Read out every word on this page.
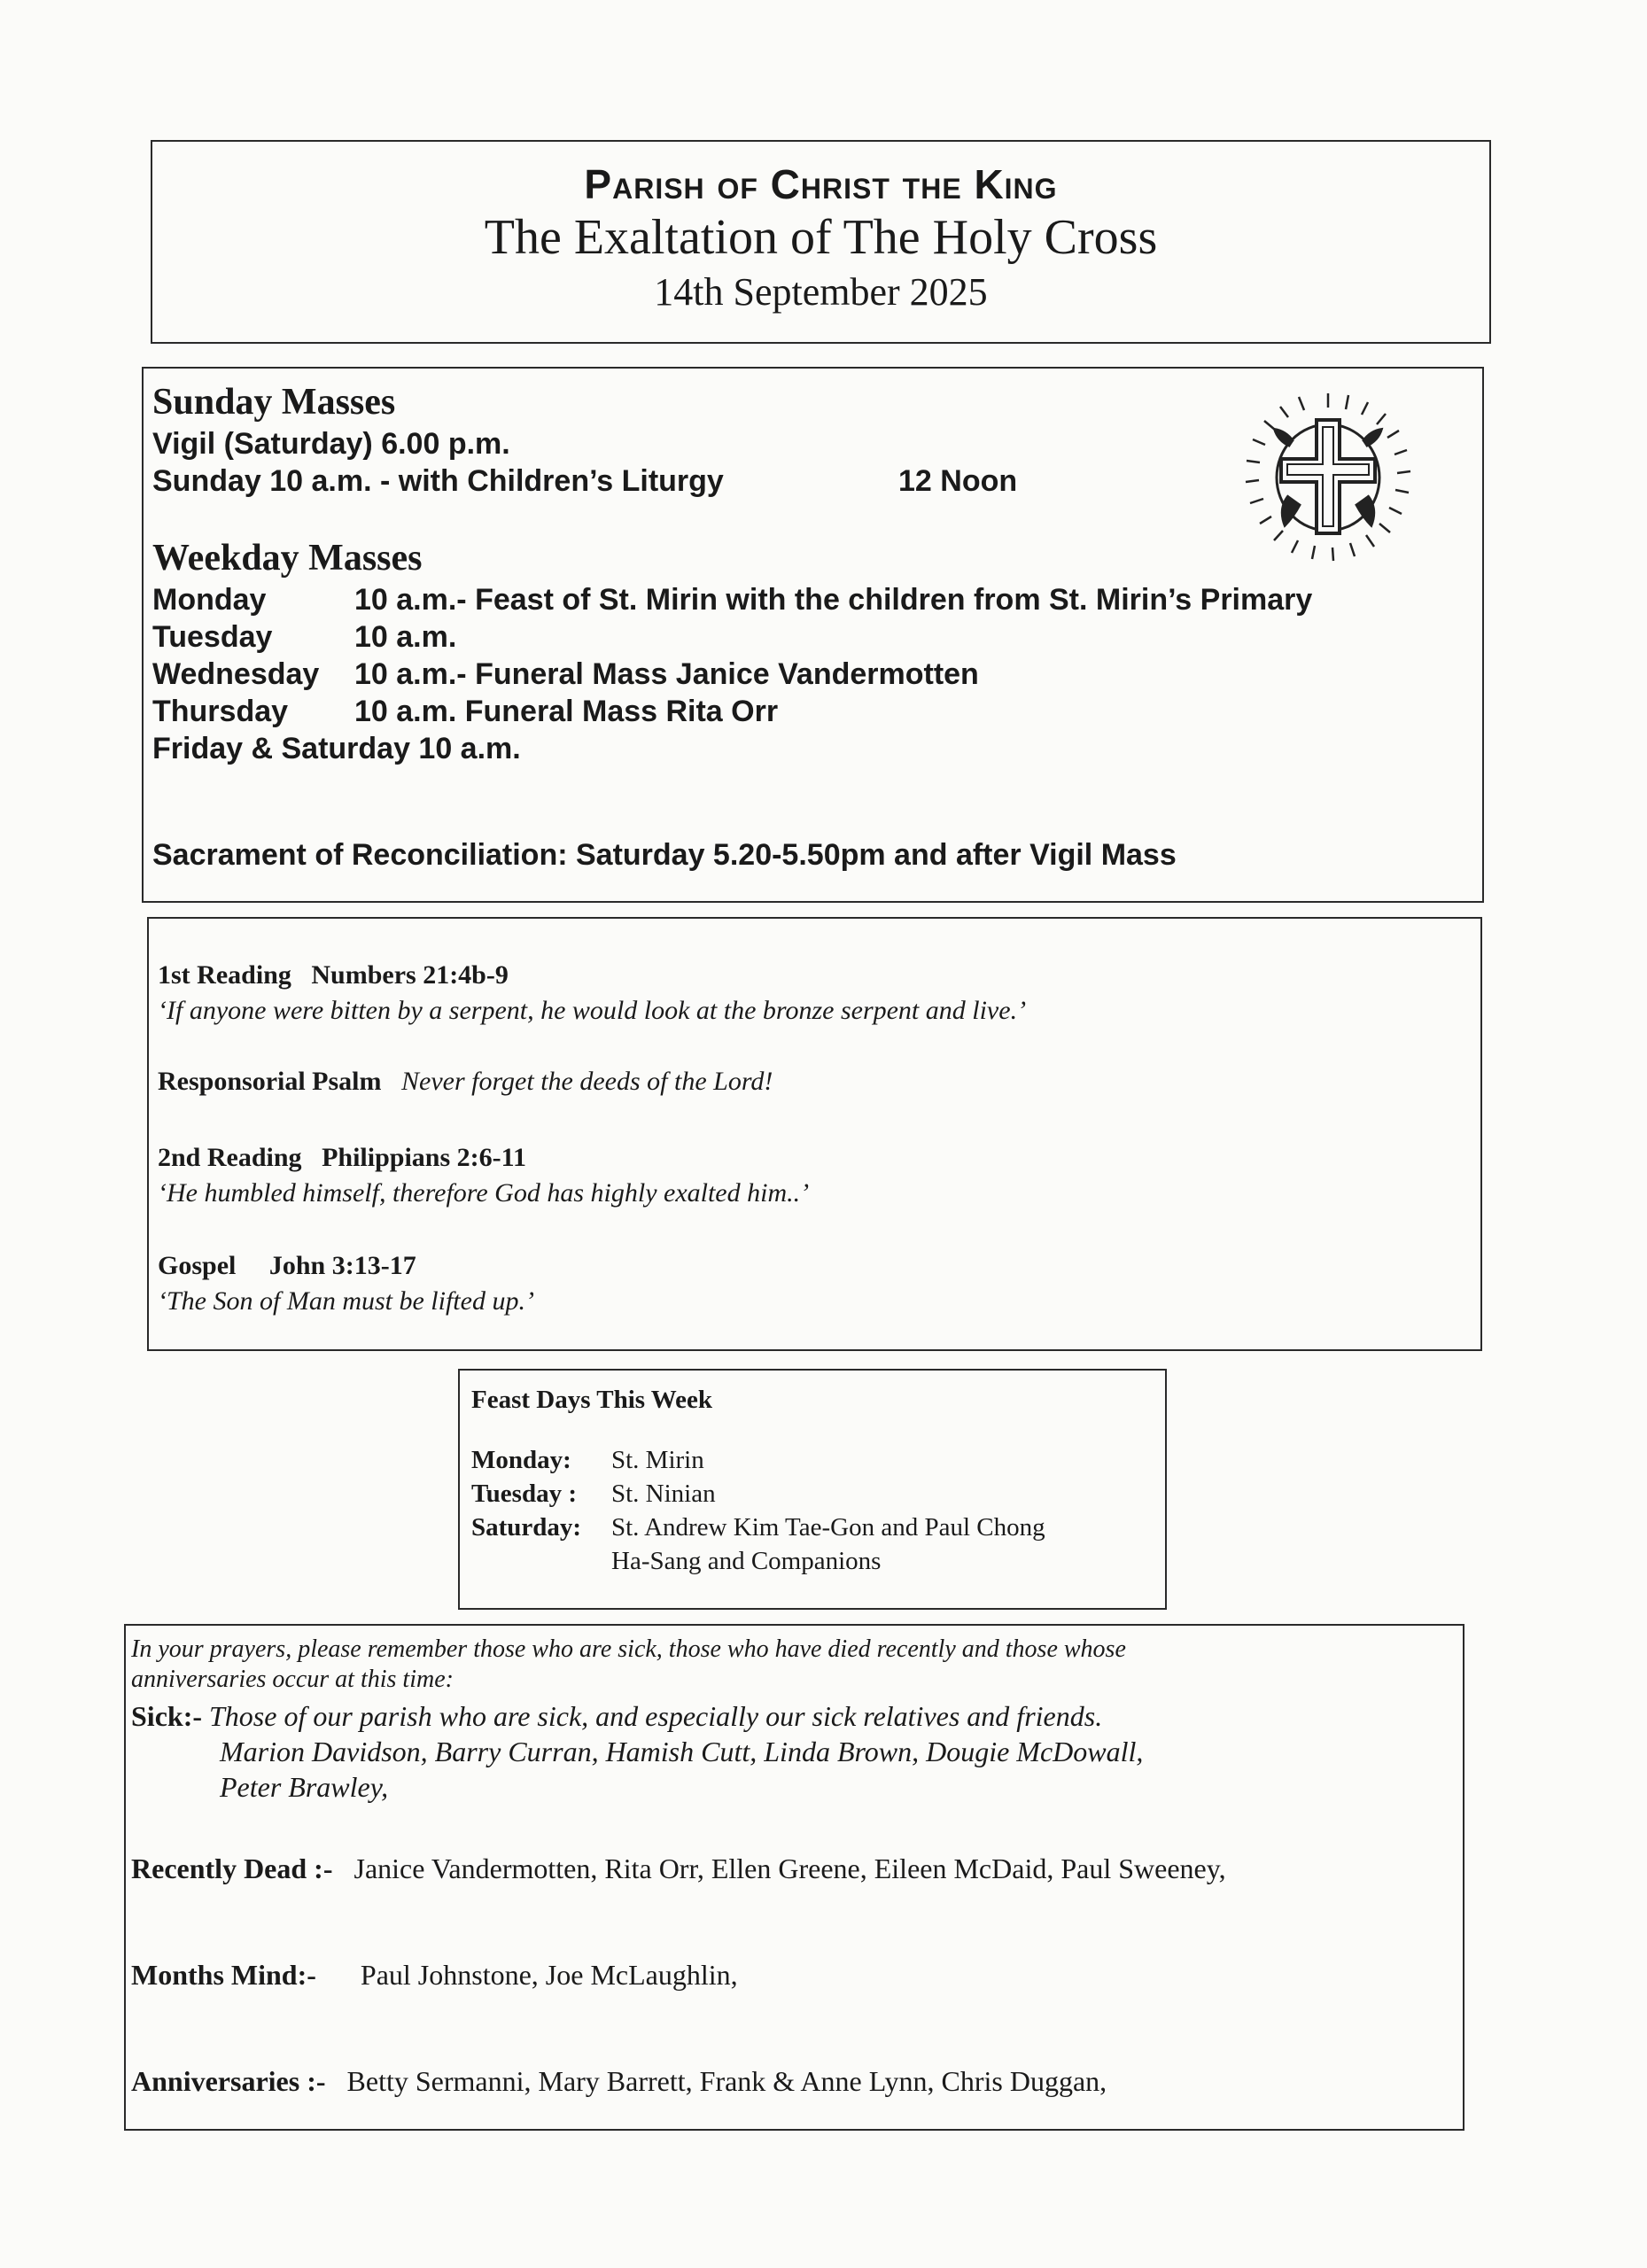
Parish of Christ the King
The Exaltation of The Holy Cross
14th September 2025
Sunday Masses
Vigil (Saturday) 6.00 p.m.
Sunday 10 a.m. - with Children’s Liturgy	12 Noon
Weekday Masses
Monday	10 a.m.- Feast of St. Mirin with the children from St. Mirin’s Primary
Tuesday	10 a.m.
Wednesday 10 a.m.- Funeral Mass Janice Vandermotten
Thursday 10 a.m. Funeral Mass Rita Orr
Friday & Saturday 10 a.m.
Sacrament of Reconciliation: Saturday 5.20-5.50pm and after Vigil Mass
1st Reading Numbers 21:4b-9
‘If anyone were bitten by a serpent, he would look at the bronze serpent and live.’
Responsorial Psalm Never forget the deeds of the Lord!
2nd Reading Philippians 2:6-11
‘He humbled himself, therefore God has highly exalted him..’
Gospel John 3:13-17
‘The Son of Man must be lifted up.’
Feast Days This Week
Monday: St. Mirin
Tuesday : St. Ninian
Saturday: St. Andrew Kim Tae-Gon and Paul Chong
Ha-Sang and Companions
In your prayers, please remember those who are sick, those who have died recently and those whose
anniversaries occur at this time:
Sick:- Those of our parish who are sick, and especially our sick relatives and friends.
Marion Davidson, Barry Curran, Hamish Cutt, Linda Brown, Dougie McDowall,
Peter Brawley,
Recently Dead :- Janice Vandermotten, Rita Orr, Ellen Greene, Eileen McDaid, Paul Sweeney,
Months Mind:- Paul Johnstone, Joe McLaughlin,
Anniversaries :- Betty Sermanni, Mary Barrett, Frank & Anne Lynn, Chris Duggan,
